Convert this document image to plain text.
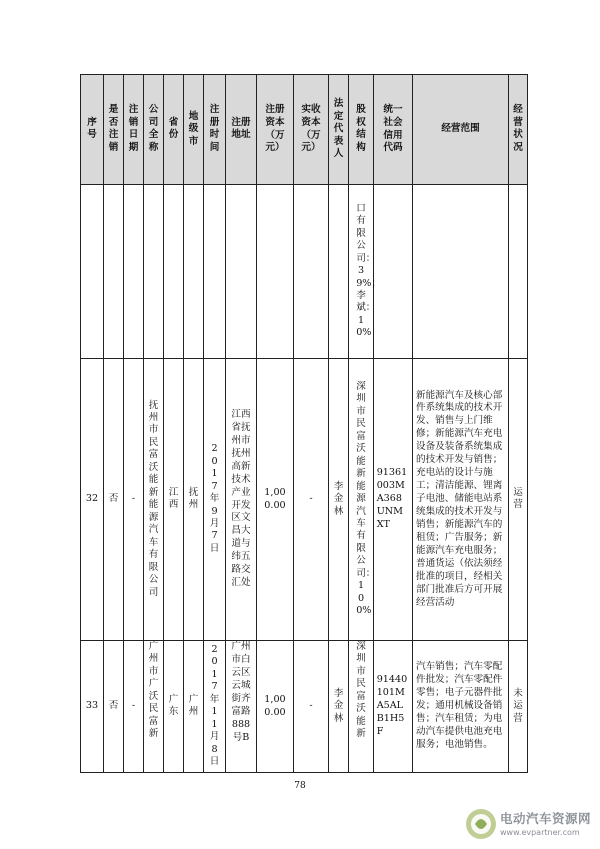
序号	是否注销	注销日期	公司全称	省份	地级市	注册时间	注册地址	注册资本（万元）	实收资本（万元）	法定代表人	股权结构	统一社会信用代码	经营范围	经营状况
											口有限公司：39%；李斌：10%			
32	否	-	抚州市民富沃能新能源汽车有限公司	江西	抚州	2017年9月7日	江西省抚州市抚州高新技术产业开发区文昌大道与纬五路交汇处	1,000.00	-	李金林	深圳市民富沃能新能源汽车有限公司：100%	91361003MA368UNMXT	新能源汽车及核心部件系统集成的技术开发、销售与上门维修；新能源汽车充电设备及装备系统集成的技术开发与销售；充电站的设计与施工；清洁能源、锂离子电池、储能电站系统集成的技术开发与销售；新能源汽车的租赁；广告服务；新能源汽车充电服务；普通货运（依法须经批准的项目，经相关部门批准后方可开展经营活动	运营
33	否	-	广州市广沃民富新	广东	广州	2017年11月8日	广州市白云区云城街齐富路888号B	1,000.00	-	李金林	深圳市民富沃能新	91440101MA5ALB1H5F	汽车销售；汽车零配件批发；汽车零配件零售；电子元器件批发；通用机械设备销售；汽车租赁；为电动汽车提供电池充电服务；电池销售。	未运营
78
电动汽车资源网
www.evpartner.com
